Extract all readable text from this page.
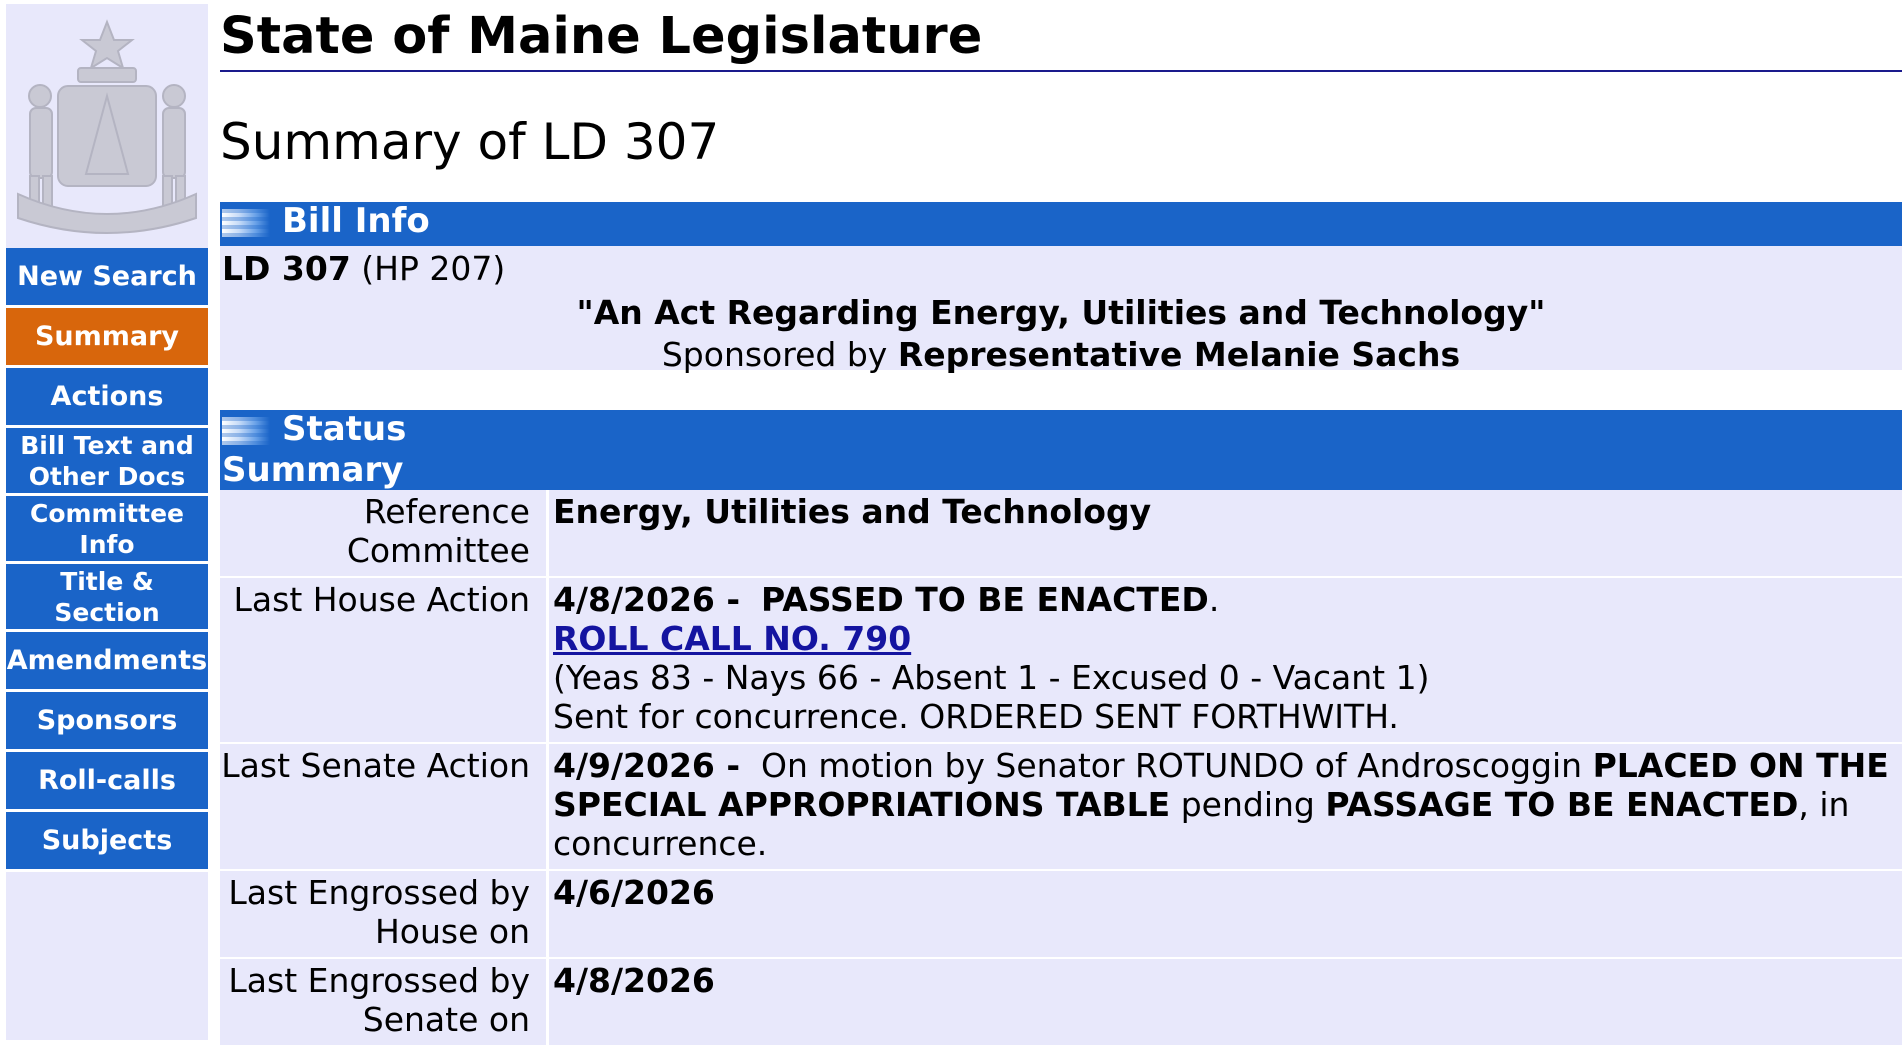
New Search
Summary
Actions
Bill Text and Other Docs
Committee Info
Title & Section
Amendments
Sponsors
Roll-calls
Subjects
State of Maine Legislature
Summary of LD 307
Bill Info
LD 307 (HP 207)
"An Act Regarding Energy, Utilities and Technology"
Sponsored by Representative Melanie Sachs
Status
Summary
Reference Committee	Energy, Utilities and Technology
Last House Action	4/8/2026 - PASSED TO BE ENACTED.
ROLL CALL NO. 790
(Yeas 83 - Nays 66 - Absent 1 - Excused 0 - Vacant 1)
Sent for concurrence. ORDERED SENT FORTHWITH.
Last Senate Action	4/9/2026 - On motion by Senator ROTUNDO of Androscoggin PLACED ON THE SPECIAL APPROPRIATIONS TABLE pending PASSAGE TO BE ENACTED, in concurrence.
Last Engrossed by House on	4/6/2026
Last Engrossed by Senate on	4/8/2026
